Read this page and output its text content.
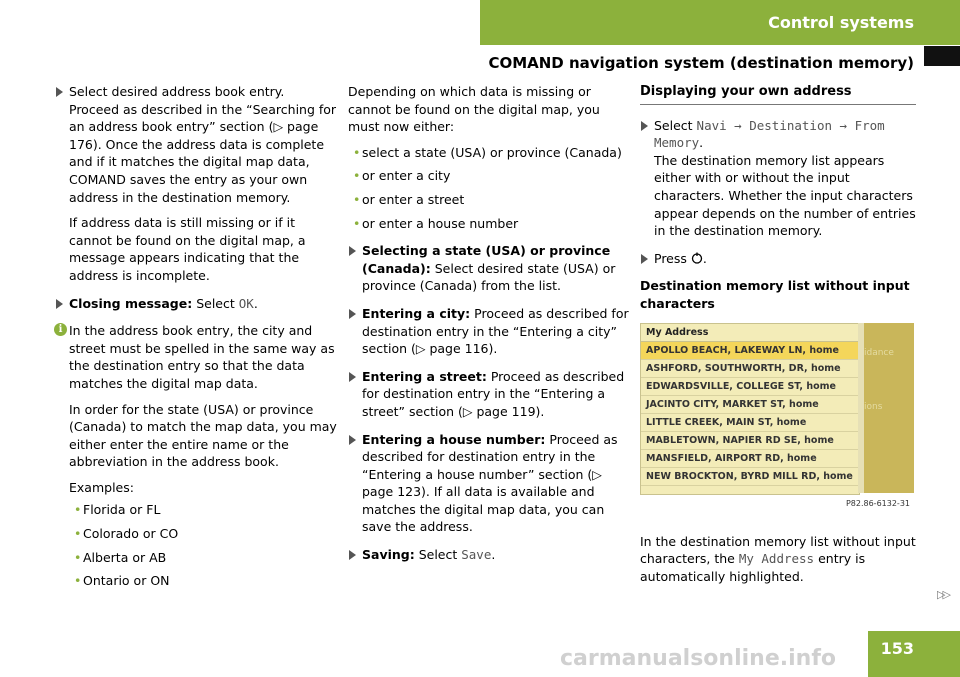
Control systems
COMAND navigation system (destination memory)

Select desired address book entry. Proceed as described in the “Searching for an address book entry” section (▷ page 176). Once the address data is complete and if it matches the digital map data, COMAND saves the entry as your own address in the destination memory.

If address data is still missing or if it cannot be found on the digital map, a message appears indicating that the address is incomplete.

Closing message: Select OK.
i In the address book entry, the city and street must be spelled in the same way as the destination entry so that the data matches the digital map data.

In order for the state (USA) or province (Canada) to match the map data, you may either enter the entire name or the abbreviation in the address book.

Examples:

• Florida or FL
• Colorado or CO
• Alberta or AB
• Ontario or ON

Depending on which data is missing or cannot be found on the digital map, you must now either:

• select a state (USA) or province (Canada)
• or enter a city
• or enter a street
• or enter a house number
Selecting a state (USA) or province (Canada): Select desired state (USA) or province (Canada) from the list.
Entering a city: Proceed as described for destination entry in the “Entering a city” section (▷ page 116).
Entering a street: Proceed as described for destination entry in the “Entering a street” section (▷ page 119).
Entering a house number: Proceed as described for destination entry in the “Entering a house number” section (▷ page 123). If all data is available and matches the digital map data, you can save the address.
Saving: Select Save.
Displaying your own address
Select Navi → Destination → From Memory.
The destination memory list appears either with or without the input characters. Whether the input characters appear depends on the number of entries in the destination memory.
Press .
Destination memory list without input characters
My Address
APOLLO BEACH, LAKEWAY LN, home
ASHFORD, SOUTHWORTH, DR, home
EDWARDSVILLE, COLLEGE ST, home
JACINTO CITY, MARKET ST, home
LITTLE CREEK, MAIN ST, home
MABLETOWN, NAPIER RD SE, home
MANSFIELD, AIRPORT RD, home
NEW BROCKTON, BYRD MILL RD, home
idance
ions
P82.86-6132-31

In the destination memory list without input characters, the My Address entry is automatically highlighted.

▷▷
153
carmanualsonline.info
